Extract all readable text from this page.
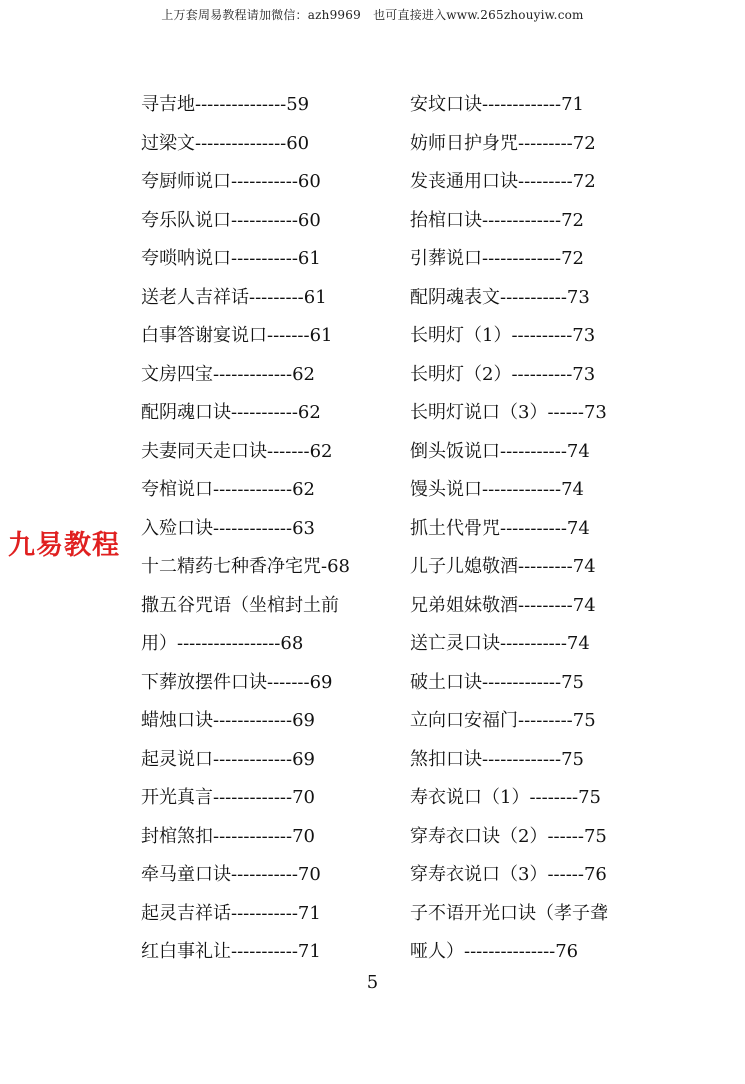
上万套周易教程请加微信：azh9969　也可直接进入www.265zhouyiw.com
九易教程
寻吉地---------------59
过梁文---------------60
夸厨师说口-----------60
夸乐队说口-----------60
夸唢呐说口-----------61
送老人吉祥话---------61
白事答谢宴说口-------61
文房四宝-------------62
配阴魂口诀-----------62
夫妻同天走口诀-------62
夸棺说口-------------62
入殓口诀-------------63
十二精药七种香净宅咒-68
撒五谷咒语（坐棺封土前
用）-----------------68
下葬放摆件口诀-------69
蜡烛口诀-------------69
起灵说口-------------69
开光真言-------------70
封棺煞扣-------------70
牵马童口诀-----------70
起灵吉祥话-----------71
红白事礼让-----------71
安坟口诀-------------71
妨师日护身咒---------72
发丧通用口诀---------72
抬棺口诀-------------72
引葬说口-------------72
配阴魂表文-----------73
长明灯（1）----------73
长明灯（2）----------73
长明灯说口（3）------73
倒头饭说口-----------74
馒头说口-------------74
抓土代骨咒-----------74
儿子儿媳敬酒---------74
兄弟姐妹敬酒---------74
送亡灵口诀-----------74
破土口诀-------------75
立向口安福门---------75
煞扣口诀-------------75
寿衣说口（1）--------75
穿寿衣口诀（2）------75
穿寿衣说口（3）------76
子不语开光口诀（孝子聋
哑人）---------------76
5
